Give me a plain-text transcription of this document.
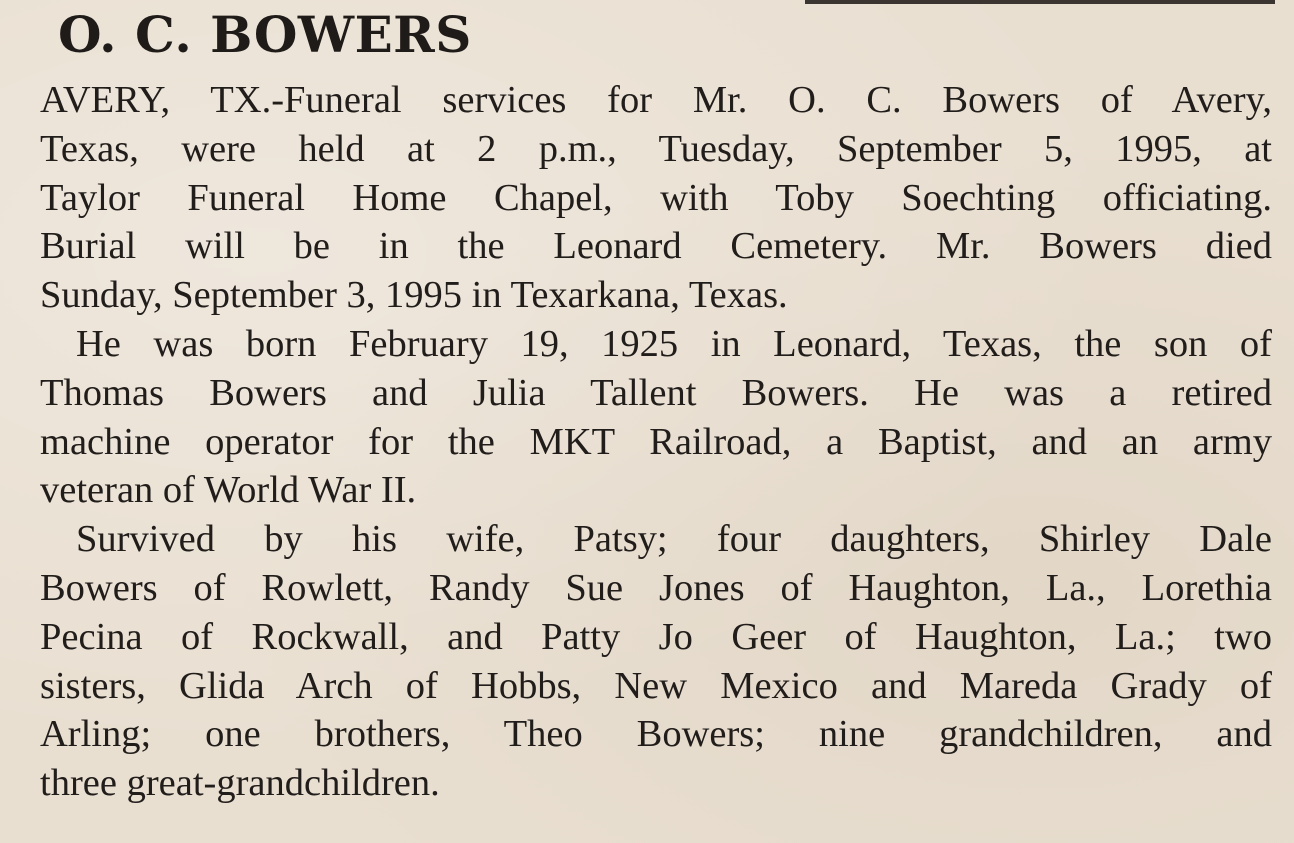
O. C. BOWERS
AVERY, TX.-Funeral services for Mr. O. C. Bowers of Avery,
Texas, were held at 2 p.m., Tuesday, September 5, 1995, at
Taylor Funeral Home Chapel, with Toby Soechting officiating.
Burial will be in the Leonard Cemetery. Mr. Bowers died
Sunday, September 3, 1995 in Texarkana, Texas.
He was born February 19, 1925 in Leonard, Texas, the son of
Thomas Bowers and Julia Tallent Bowers. He was a retired
machine operator for the MKT Railroad, a Baptist, and an army
veteran of World War II.
Survived by his wife, Patsy; four daughters, Shirley Dale
Bowers of Rowlett, Randy Sue Jones of Haughton, La., Lorethia
Pecina of Rockwall, and Patty Jo Geer of Haughton, La.; two
sisters, Glida Arch of Hobbs, New Mexico and Mareda Grady of
Arling; one brothers, Theo Bowers; nine grandchildren, and
three great-grandchildren.
